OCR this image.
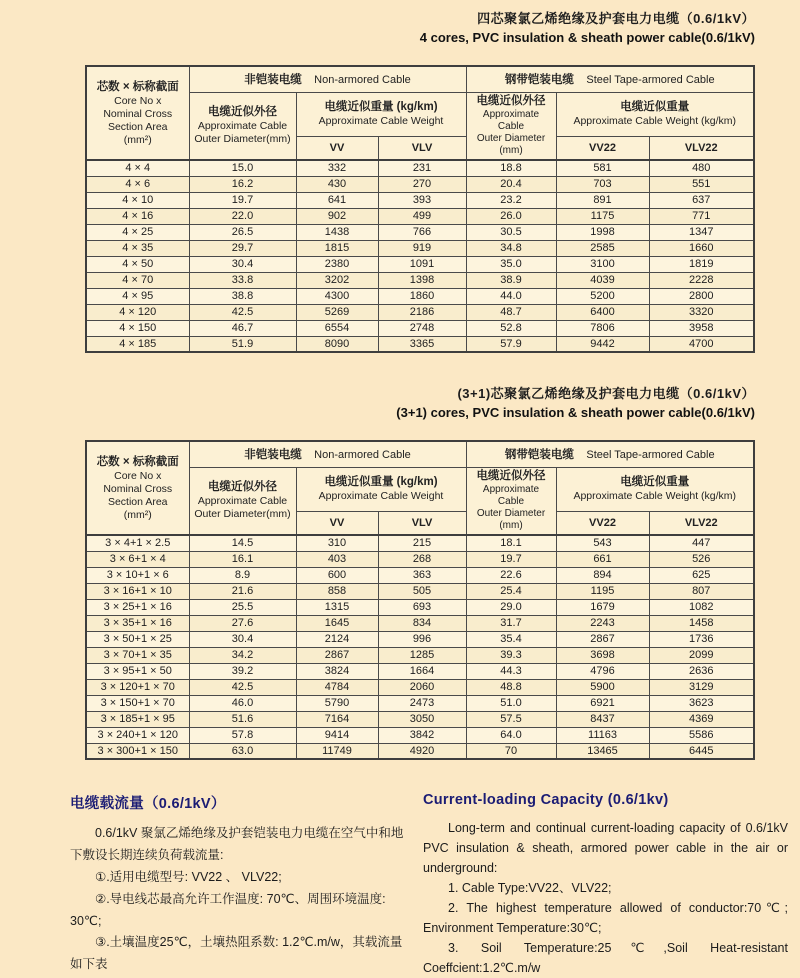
四芯聚氯乙烯绝缘及护套电力电缆（0.6/1kV）
4 cores, PVC insulation & sheath power cable(0.6/1kV)
芯数 × 标称截面
Core No x
Nominal Cross
Section Area
(mm²)	非铠装电缆 Non-armored Cable			钢带铠装电缆 Steel Tape-armored Cable		

电缆近似外径
Approximate Cable
Outer Diameter(mm)

电缆近似重量 (kg/km)
Approximate Cable Weight

电缆近似外径
Approximate Cable
Outer Diameter
(mm)

电缆近似重量
Approximate Cable Weight (kg/km)

		VV	VLV		VV22	VLV22
4 × 4	15.0	332	231	18.8	581	480
4 × 6	16.2	430	270	20.4	703	551
4 × 10	19.7	641	393	23.2	891	637
4 × 16	22.0	902	499	26.0	1175	771
4 × 25	26.5	1438	766	30.5	1998	1347
4 × 35	29.7	1815	919	34.8	2585	1660
4 × 50	30.4	2380	1091	35.0	3100	1819
4 × 70	33.8	3202	1398	38.9	4039	2228
4 × 95	38.8	4300	1860	44.0	5200	2800
4 × 120	42.5	5269	2186	48.7	6400	3320
4 × 150	46.7	6554	2748	52.8	7806	3958
4 × 185	51.9	8090	3365	57.9	9442	4700
(3+1)芯聚氯乙烯绝缘及护套电力电缆（0.6/1kV）
(3+1) cores, PVC insulation & sheath power cable(0.6/1kV)
芯数 × 标称截面
Core No x
Nominal Cross
Section Area
(mm²)	非铠装电缆 Non-armored Cable			钢带铠装电缆 Steel Tape-armored Cable		

电缆近似外径
Approximate Cable
Outer Diameter(mm)

电缆近似重量 (kg/km)
Approximate Cable Weight

电缆近似外径
Approximate Cable
Outer Diameter
(mm)

电缆近似重量
Approximate Cable Weight (kg/km)

		VV	VLV		VV22	VLV22
3 × 4+1 × 2.5	14.5	310	215	18.1	543	447
3 × 6+1 × 4	16.1	403	268	19.7	661	526
3 × 10+1 × 6	8.9	600	363	22.6	894	625
3 × 16+1 × 10	21.6	858	505	25.4	1195	807
3 × 25+1 × 16	25.5	1315	693	29.0	1679	1082
3 × 35+1 × 16	27.6	1645	834	31.7	2243	1458
3 × 50+1 × 25	30.4	2124	996	35.4	2867	1736
3 × 70+1 × 35	34.2	2867	1285	39.3	3698	2099
3 × 95+1 × 50	39.2	3824	1664	44.3	4796	2636
3 × 120+1 × 70	42.5	4784	2060	48.8	5900	3129
3 × 150+1 × 70	46.0	5790	2473	51.0	6921	3623
3 × 185+1 × 95	51.6	7164	3050	57.5	8437	4369
3 × 240+1 × 120	57.8	9414	3842	64.0	11163	5586
3 × 300+1 × 150	63.0	11749	4920	70	13465	6445
电缆载流量（0.6/1kV）

0.6/1kV 聚氯乙烯绝缘及护套铠装电力电缆在空气中和地下敷设长期连续负荷载流量:

①.适用电缆型号: VV22 、 VLV22;

②.导电线芯最高允许工作温度: 70℃、周围环境温度: 30℃;

③.土壤温度25℃，土壤热阻系数: 1.2℃.m/w，其载流量如下表

Current-loading Capacity (0.6/1kv)

Long-term and continual current-loading capacity of 0.6/1kV PVC insulation & sheath, armored power cable in the air or underground:

1. Cable Type:VV22、VLV22;

2. The highest temperature allowed of conductor:70℃; Environment Temperature:30℃;

3. Soil Temperature:25℃,Soil Heat-resistant Coeffcient:1.2℃.m/w
